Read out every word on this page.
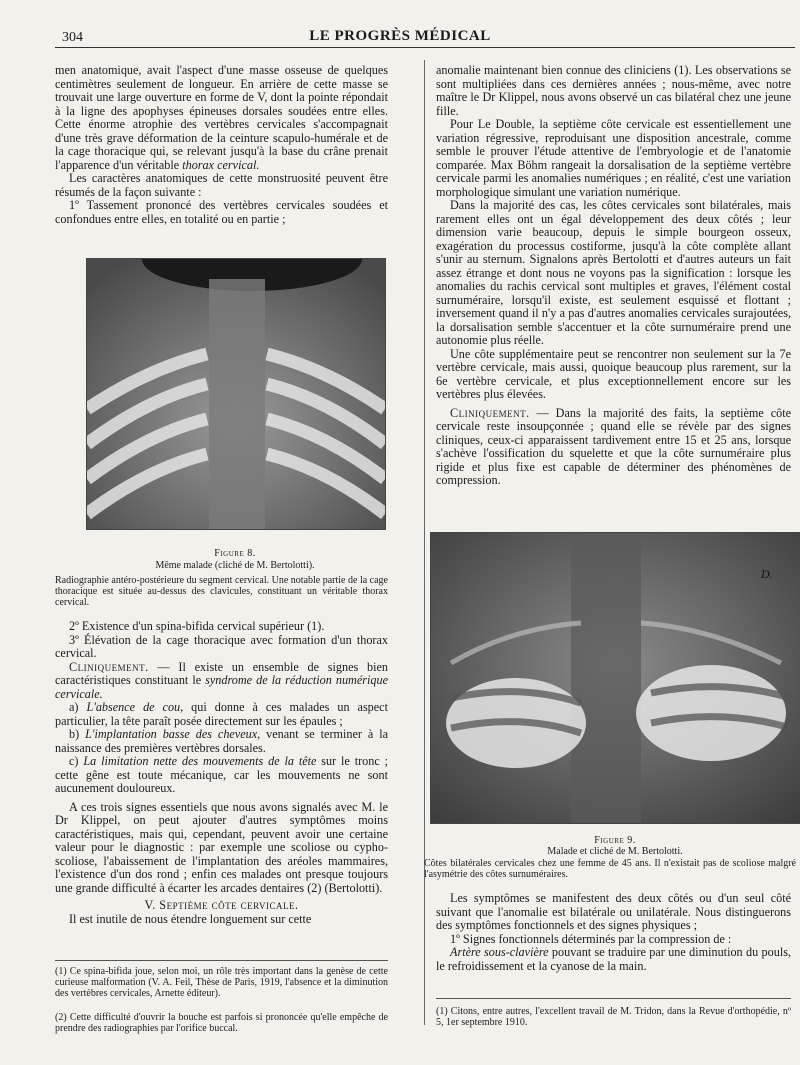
304	LE PROGRÈS MÉDICAL

men anatomique, avait l'aspect d'une masse osseuse de quelques centimètres seulement de longueur. En arrière de cette masse se trouvait une large ouverture en forme de V, dont la pointe répondait à la ligne des apophyses épineuses dorsales soudées entre elles. Cette énorme atrophie des vertèbres cervicales s'accompagnait d'une très grave déformation de la ceinture scapulo-humérale et de la cage thoracique qui, se relevant jusqu'à la base du crâne prenait l'apparence d'un véritable thorax cervical.

Les caractères anatomiques de cette monstruosité peuvent être résumés de la façon suivante :

1º Tassement prononcé des vertèbres cervicales soudées et confondues entre elles, en totalité ou en partie ;

Figure 8.
Même malade (cliché de M. Bertolotti).
Radiographie antéro-postérieure du segment cervical. Une notable partie de la cage thoracique est située au-dessus des clavicules, constituant un véritable thorax cervical.

2º Existence d'un spina-bifida cervical supérieur (1).

3º Élévation de la cage thoracique avec formation d'un thorax cervical.

Cliniquement. — Il existe un ensemble de signes bien caractéristiques constituant le syndrome de la réduction numérique cervicale.

a) L'absence de cou, qui donne à ces malades un aspect particulier, la tête paraît posée directement sur les épaules ;

b) L'implantation basse des cheveux, venant se terminer à la naissance des premières vertèbres dorsales.

c) La limitation nette des mouvements de la tête sur le tronc ; cette gêne est toute mécanique, car les mouvements ne sont aucunement douloureux.

A ces trois signes essentiels que nous avons signalés avec M. le Dr Klippel, on peut ajouter d'autres symptômes moins caractéristiques, mais qui, cependant, peuvent avoir une certaine valeur pour le diagnostic : par exemple une scoliose ou cypho-scoliose, l'abaissement de l'implantation des aréoles mammaires, l'existence d'un dos rond ; enfin ces malades ont presque toujours une grande difficulté à écarter les arcades dentaires (2) (Bertolotti).

V. Septième côte cervicale.

Il est inutile de nous étendre longuement sur cette

(1) Ce spina-bifida joue, selon moi, un rôle très important dans la genèse de cette curieuse malformation (V. A. Feil, Thèse de Paris, 1919, l'absence et la diminution des vertèbres cervicales, Arnette éditeur).
(2) Cette difficulté d'ouvrir la bouche est parfois si prononcée qu'elle empêche de prendre des radiographies par l'orifice buccal.

anomalie maintenant bien connue des cliniciens (1). Les observations se sont multipliées dans ces dernières années ; nous-même, avec notre maître le Dr Klippel, nous avons observé un cas bilatéral chez une jeune fille.

Pour Le Double, la septième côte cervicale est essentiellement une variation régressive, reproduisant une disposition ancestrale, comme semble le prouver l'étude attentive de l'embryologie et de l'anatomie comparée. Max Böhm rangeait la dorsalisation de la septième vertèbre cervicale parmi les anomalies numériques ; en réalité, c'est une variation morphologique simulant une variation numérique.

Dans la majorité des cas, les côtes cervicales sont bilatérales, mais rarement elles ont un égal développement des deux côtés ; leur dimension varie beaucoup, depuis le simple bourgeon osseux, exagération du processus costiforme, jusqu'à la côte complète allant s'unir au sternum. Signalons après Bertolotti et d'autres auteurs un fait assez étrange et dont nous ne voyons pas la signification : lorsque les anomalies du rachis cervical sont multiples et graves, l'élément costal surnuméraire, lorsqu'il existe, est seulement esquissé et flottant ; inversement quand il n'y a pas d'autres anomalies cervicales surajoutées, la dorsalisation semble s'accentuer et la côte surnuméraire prend une autonomie plus réelle.

Une côte supplémentaire peut se rencontrer non seulement sur la 7e vertèbre cervicale, mais aussi, quoique beaucoup plus rarement, sur la 6e vertèbre cervicale, et plus exceptionnellement encore sur les vertèbres plus élevées.

Cliniquement. — Dans la majorité des faits, la septième côte cervicale reste insoupçonnée ; quand elle se révèle par des signes cliniques, ceux-ci apparaissent tardivement entre 15 et 25 ans, lorsque s'achève l'ossification du squelette et que la côte surnuméraire plus rigide et plus fixe est capable de déterminer des phénomènes de compression.

D.
Figure 9.
Malade et cliché de M. Bertolotti.
Côtes bilatérales cervicales chez une femme de 45 ans. Il n'existait pas de scoliose malgré l'asymétrie des côtes surnuméraires.

Les symptômes se manifestent des deux côtés ou d'un seul côté suivant que l'anomalie est bilatérale ou unilatérale. Nous distinguerons des symptômes fonctionnels et des signes physiques ;

1º Signes fonctionnels déterminés par la compression de :

Artère sous-clavière pouvant se traduire par une diminution du pouls, le refroidissement et la cyanose de la main.

(1) Citons, entre autres, l'excellent travail de M. Tridon, dans la Revue d'orthopédie, nº 5, 1er septembre 1910.
